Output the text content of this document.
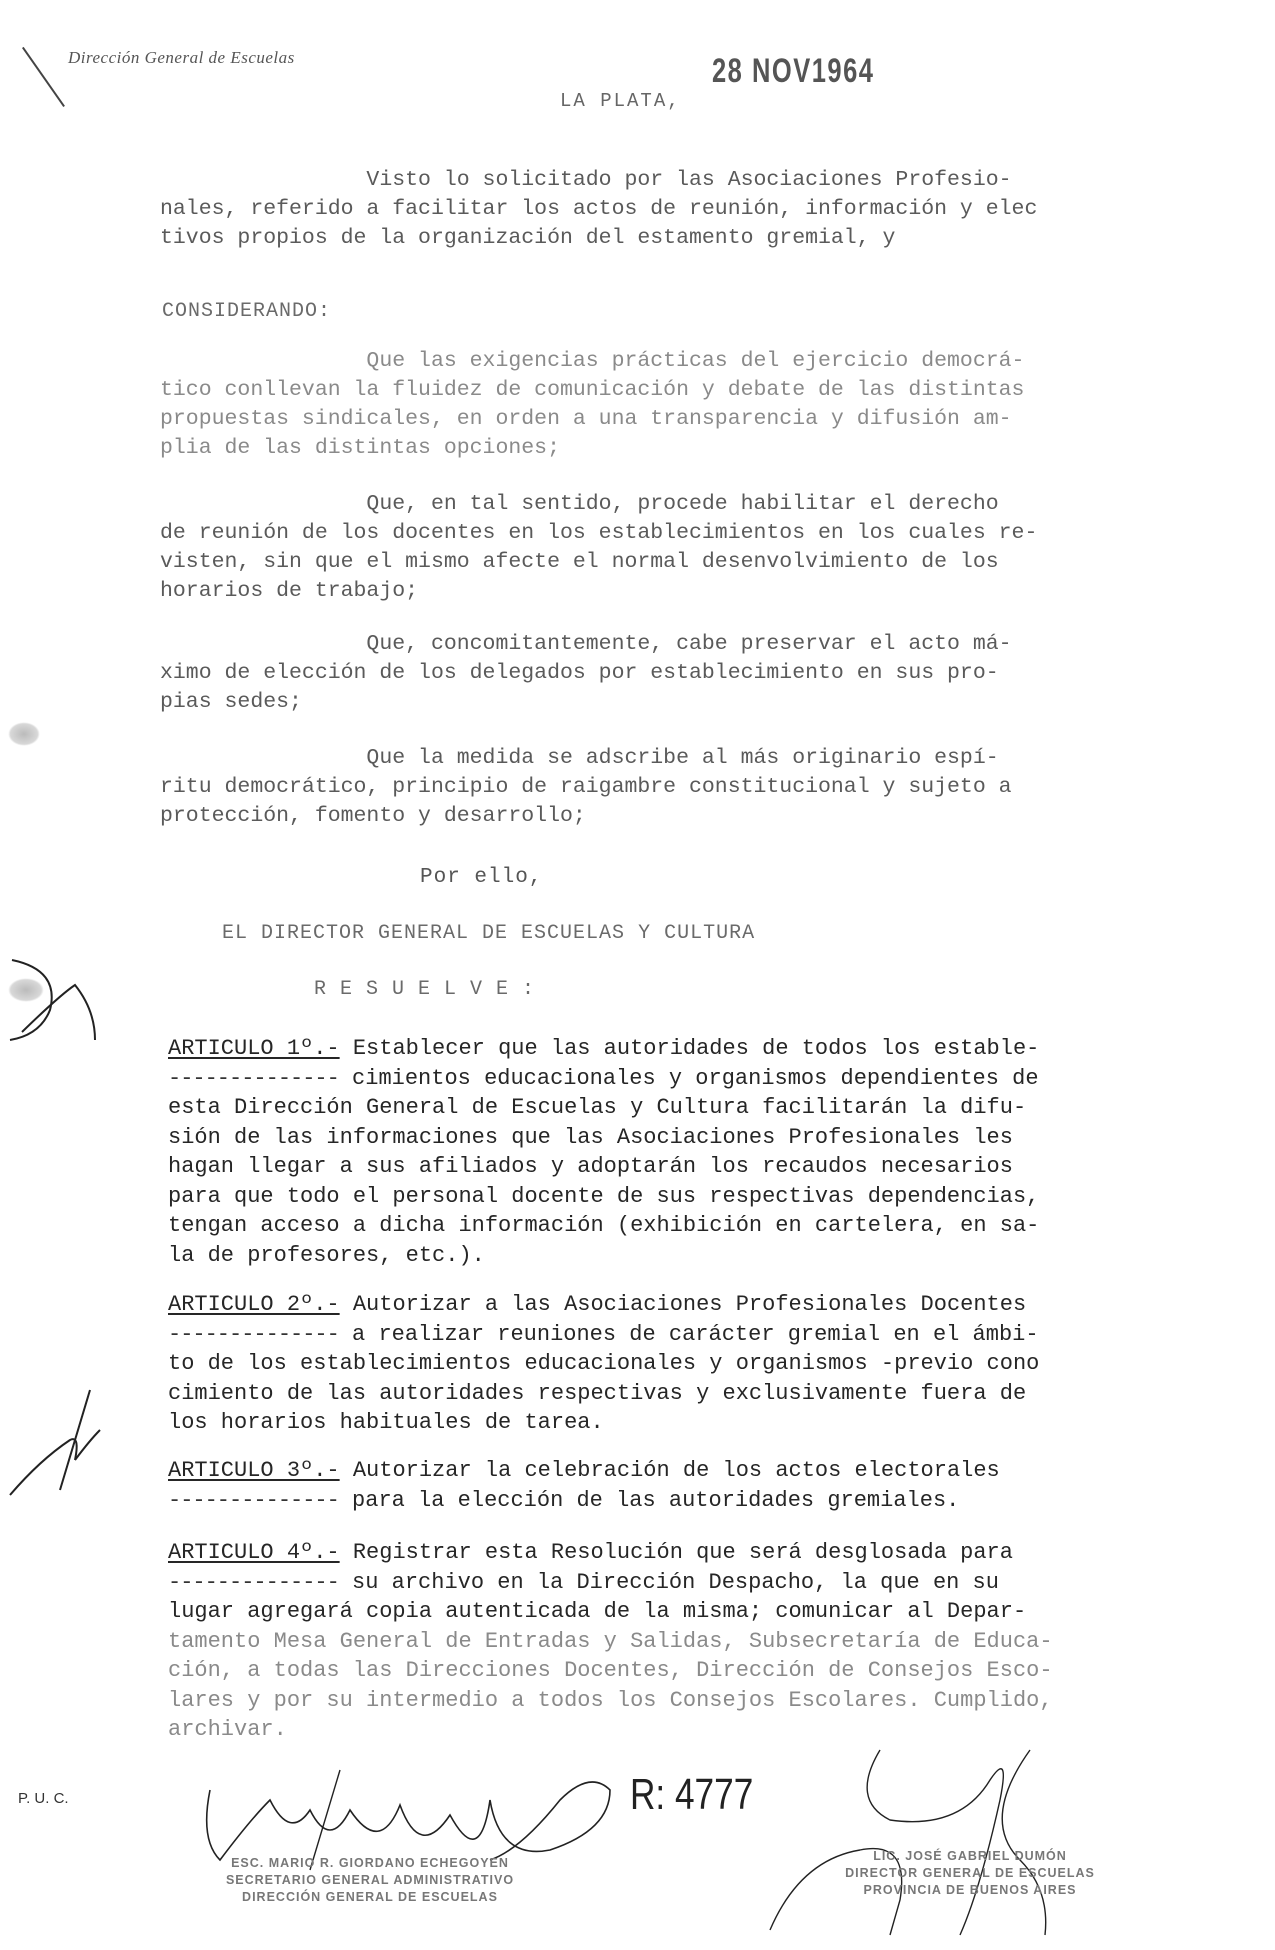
Dirección General de Escuelas
LA PLATA,
28 NOV1964
Visto lo solicitado por las Asociaciones Profesio-
nales, referido a facilitar los actos de reunión, información y elec
tivos propios de la organización del estamento gremial, y
CONSIDERANDO:
Que las exigencias prácticas del ejercicio democrá-
tico conllevan la fluidez de comunicación y debate de las distintas
propuestas sindicales, en orden a una transparencia y difusión am-
plia de las distintas opciones;
Que, en tal sentido, procede habilitar el derecho
de reunión de los docentes en los establecimientos en los cuales re-
visten, sin que el mismo afecte el normal desenvolvimiento de los
horarios de trabajo;
Que, concomitantemente, cabe preservar el acto má-
ximo de elección de los delegados por establecimiento en sus pro-
pias sedes;
Que la medida se adscribe al más originario espí-
ritu democrático, principio de raigambre constitucional y sujeto a
protección, fomento y desarrollo;
Por ello,
EL DIRECTOR GENERAL DE ESCUELAS Y CULTURA
RESUELVE:
ARTICULO 1º.- Establecer que las autoridades de todos los estable-
-------------- cimientos educacionales y organismos dependientes de
esta Dirección General de Escuelas y Cultura facilitarán la difu-
sión de las informaciones que las Asociaciones Profesionales les
hagan llegar a sus afiliados y adoptarán los recaudos necesarios
para que todo el personal docente de sus respectivas dependencias,
tengan acceso a dicha información (exhibición en cartelera, en sa-
la de profesores, etc.).
ARTICULO 2º.- Autorizar a las Asociaciones Profesionales Docentes
-------------- a realizar reuniones de carácter gremial en el ámbi-
to de los establecimientos educacionales y organismos -previo cono
cimiento de las autoridades respectivas y exclusivamente fuera de
los horarios habituales de tarea.
ARTICULO 3º.- Autorizar la celebración de los actos electorales
-------------- para la elección de las autoridades gremiales.
ARTICULO 4º.- Registrar esta Resolución que será desglosada para
-------------- su archivo en la Dirección Despacho, la que en su
lugar agregará copia autenticada de la misma; comunicar al Depar-
tamento Mesa General de Entradas y Salidas, Subsecretaría de Educa-
ción, a todas las Direcciones Docentes, Dirección de Consejos Esco-
lares y por su intermedio a todos los Consejos Escolares. Cumplido,
archivar.
P. U. C.	R: 4777
ESC. MARIO R. GIORDANO ECHEGOYEN
SECRETARIO GENERAL ADMINISTRATIVO
DIRECCIÓN GENERAL DE ESCUELAS
LIC. JOSÉ GABRIEL DUMÓN
DIRECTOR GENERAL DE ESCUELAS
PROVINCIA DE BUENOS AIRES
